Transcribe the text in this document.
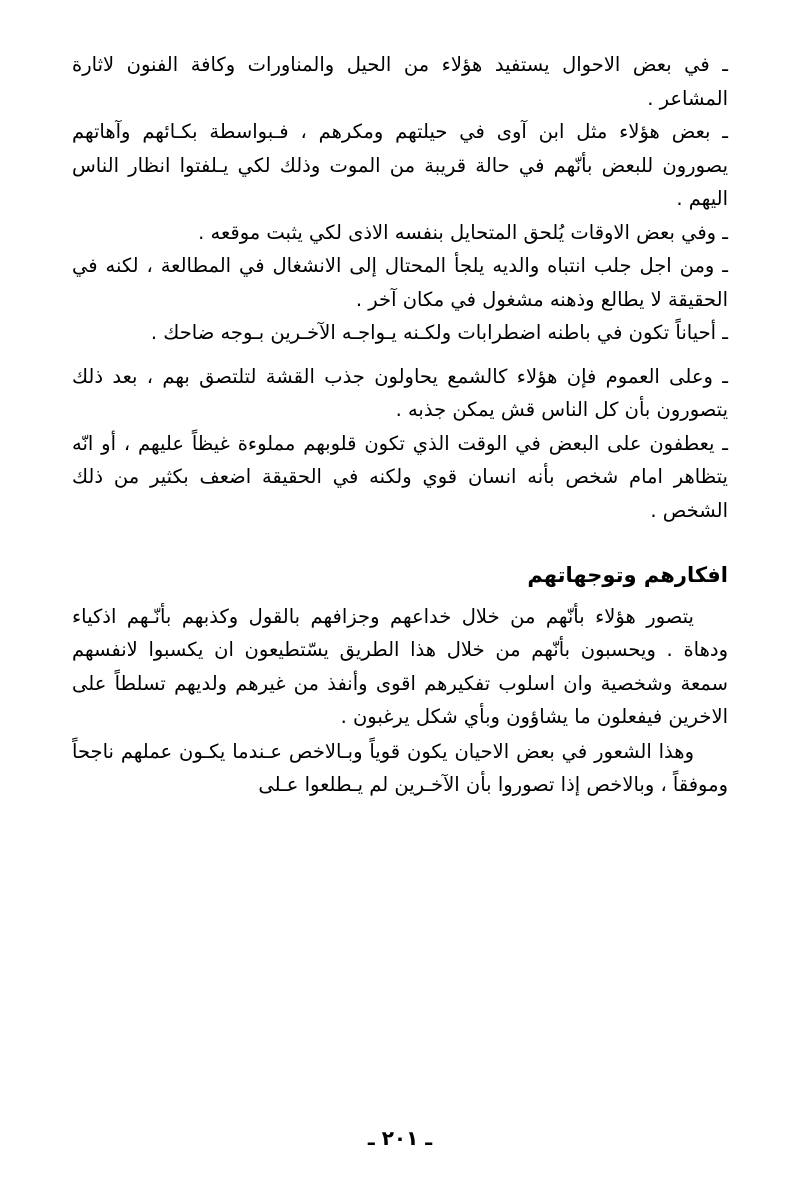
ـ في بعض الاحوال يستفيد هؤلاء من الحيل والمناورات وكافة الفنون لاثارة المشاعر .

ـ بعض هؤلاء مثل ابن آوى في حيلتهم ومكرهم ، فـبواسطة بكـائهم وآهاتهم يصورون للبعض بأنّهم في حالة قريبة من الموت وذلك لكي يـلفتوا انظار الناس اليهم .

ـ وفي بعض الاوقات يُلحق المتحايل بنفسه الاذى لكي يثبت موقعه .

ـ ومن اجل جلب انتباه والديه يلجأ المحتال إلى الانشغال في المطالعة ، لكنه في الحقيقة لا يطالع وذهنه مشغول في مكان آخر .

ـ أحياناً تكون في باطنه اضطرابات ولكـنه يـواجـه الآخـرين بـوجه ضاحك .

ـ وعلى العموم فإن هؤلاء كالشمع يحاولون جذب القشة لتلتصق بهم ، بعد ذلك يتصورون بأن كل الناس قش يمكن جذبه .

ـ يعطفون على البعض في الوقت الذي تكون قلوبهم مملوءة غيظاً عليهم ، أو انّه يتظاهر امام شخص بأنه انسان قوي ولكنه في الحقيقة اضعف بكثير من ذلك الشخص .

افكارهم وتوجهاتهم

يتصور هؤلاء بأنّهم من خلال خداعهم وجزافهم بالقول وكذبهم بأنّـهم اذكياء ودهاة . ويحسبون بأنّهم من خلال هذا الطريق يسّتطيعون ان يكسبوا لانفسهم سمعة وشخصية وان اسلوب تفكيرهم اقوى وأنفذ من غيرهم ولديهم تسلطاً على الاخرين فيفعلون ما يشاؤون وبأي شكل يرغبون .

وهذا الشعور في بعض الاحيان يكون قوياً وبـالاخص عـندما يكـون عملهم ناجحاً وموفقاً ، وبالاخص إذا تصوروا بأن الآخـرين لم يـطلعوا عـلى

ـ ٢٠١ ـ
